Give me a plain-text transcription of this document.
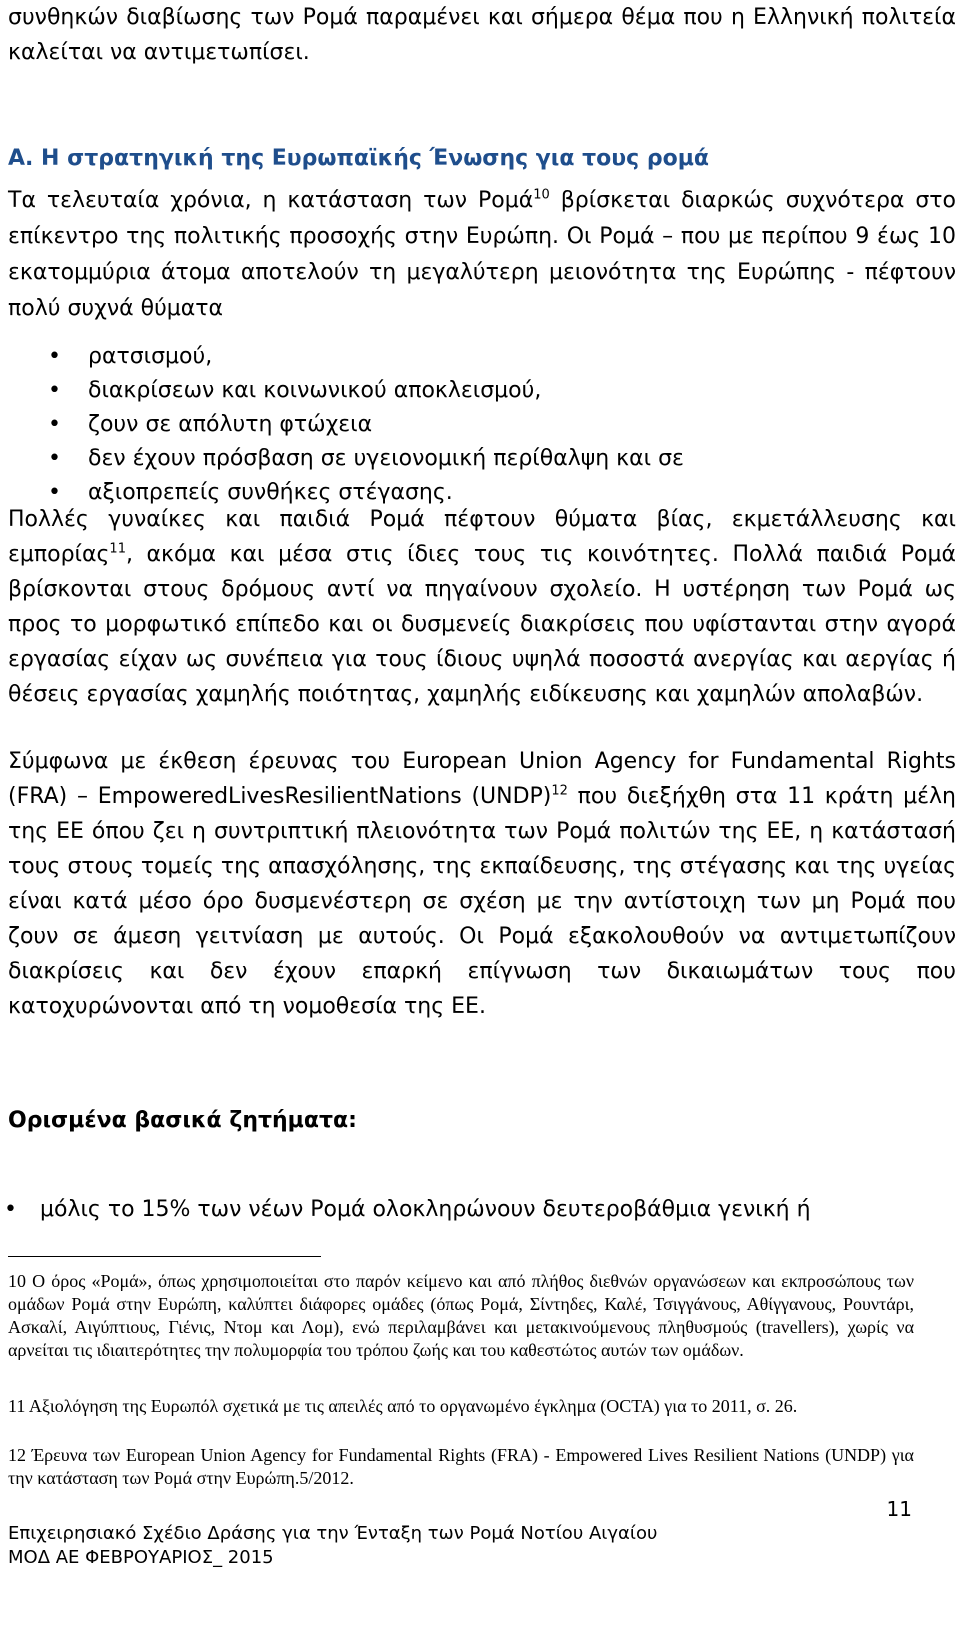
συνθηκών διαβίωσης των Ρομά παραμένει και σήμερα θέμα που η Ελληνική πολιτεία καλείται να αντιμετωπίσει.

Α. Η στρατηγική της Ευρωπαϊκής Ένωσης για τους ρομά

Τα τελευταία χρόνια, η κατάσταση των Ρομά$^{10}$ βρίσκεται διαρκώς συχνότερα στο επίκεντρο της πολιτικής προσοχής στην Ευρώπη. Οι Ρομά – που με περίπου 9 έως 10 εκατομμύρια άτομα αποτελούν τη μεγαλύτερη μειονότητα της Ευρώπης - πέφτουν πολύ συχνά θύματα

• ρατσισμού,
• διακρίσεων και κοινωνικού αποκλεισμού,
• ζουν σε απόλυτη φτώχεια
• δεν έχουν πρόσβαση σε υγειονομική περίθαλψη και σε
• αξιοπρεπείς συνθήκες στέγασης.

Πολλές γυναίκες και παιδιά Ρομά πέφτουν θύματα βίας, εκμετάλλευσης και εμπορίας$^{11}$, ακόμα και μέσα στις ίδιες τους τις κοινότητες. Πολλά παιδιά Ρομά βρίσκονται στους δρόμους αντί να πηγαίνουν σχολείο. Η υστέρηση των Ρομά ως προς το μορφωτικό επίπεδο και οι δυσμενείς διακρίσεις που υφίστανται στην αγορά εργασίας είχαν ως συνέπεια για τους ίδιους υψηλά ποσοστά ανεργίας και αεργίας ή θέσεις εργασίας χαμηλής ποιότητας, χαμηλής ειδίκευσης και χαμηλών απολαβών.

Σύμφωνα με έκθεση έρευνας του European Union Agency for Fundamental Rights (FRA) – EmpoweredLivesResilientNations (UNDP)$^{12}$ που διεξήχθη στα 11 κράτη μέλη της ΕΕ όπου ζει η συντριπτική πλειονότητα των Ρομά πολιτών της ΕΕ, η κατάστασή τους στους τομείς της απασχόλησης, της εκπαίδευσης, της στέγασης και της υγείας είναι κατά μέσο όρο δυσμενέστερη σε σχέση με την αντίστοιχη των μη Ρομά που ζουν σε άμεση γειτνίαση με αυτούς. Οι Ρομά εξακολουθούν να αντιμετωπίζουν διακρίσεις και δεν έχουν επαρκή επίγνωση των δικαιωμάτων τους που κατοχυρώνονται από τη νομοθεσία της ΕΕ.

Ορισμένα βασικά ζητήματα:
• μόλις το 15% των νέων Ρομά ολοκληρώνουν δευτεροβάθμια γενική ή

10 Ο όρος «Ρομά», όπως χρησιμοποιείται στο παρόν κείμενο και από πλήθος διεθνών οργανώσεων και εκπροσώπους των ομάδων Ρομά στην Ευρώπη, καλύπτει διάφορες ομάδες (όπως Ρομά, Σίντηδες, Καλέ, Τσιγγάνους, Αθίγγανους, Ρουντάρι, Ασκαλί, Αιγύπτιους, Γιένις, Ντομ και Λομ), ενώ περιλαμβάνει και μετακινούμενους πληθυσμούς (travellers), χωρίς να αρνείται τις ιδιαιτερότητες την πολυμορφία του τρόπου ζωής και του καθεστώτος αυτών των ομάδων.

11 Αξιολόγηση της Ευρωπόλ σχετικά με τις απειλές από το οργανωμένο έγκλημα (OCTA) για το 2011, σ. 26.

12 Έρευνα των European Union Agency for Fundamental Rights (FRA) - Empowered Lives Resilient Nations (UNDP) για την κατάσταση των Ρομά στην Ευρώπη.5/2012.

11
Επιχειρησιακό Σχέδιο Δράσης για την Ένταξη των Ρομά Νοτίου Αιγαίου
ΜΟΔ ΑΕ ΦΕΒΡΟΥΑΡΙΟΣ_ 2015
